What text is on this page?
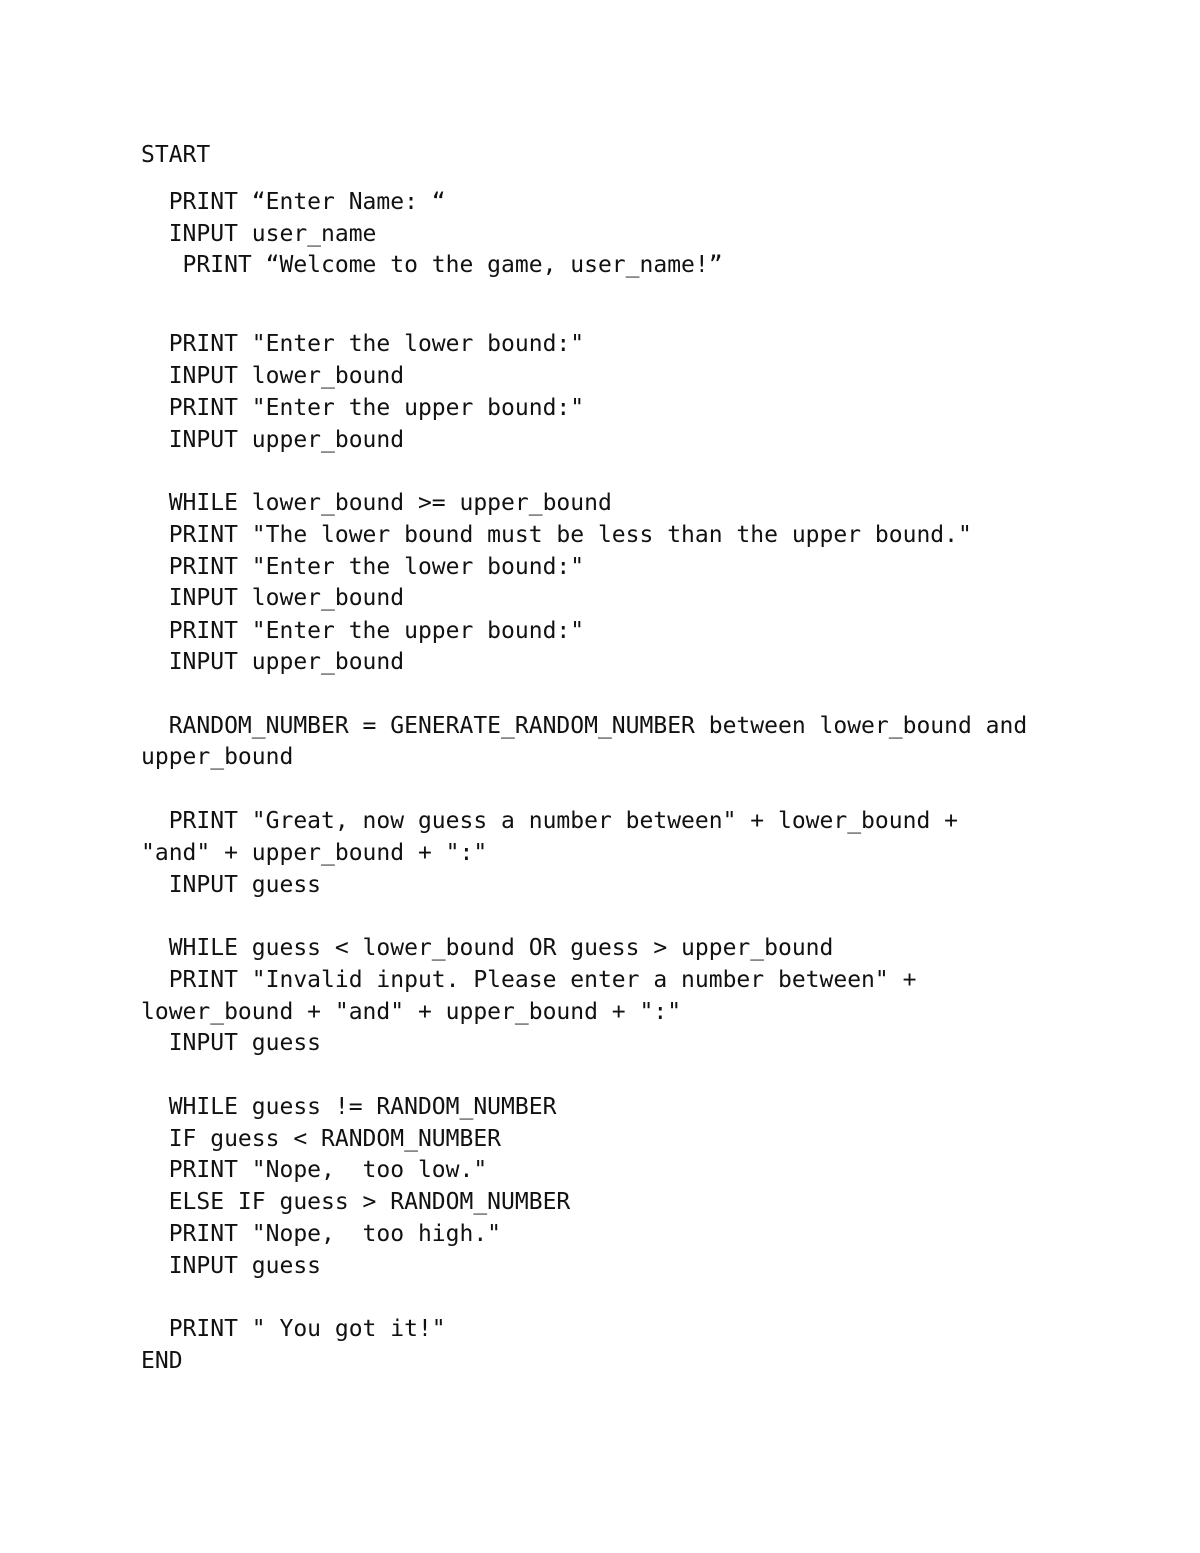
START
PRINT “Enter Name: “
INPUT user_name
PRINT “Welcome to the game, user_name!”
PRINT "Enter the lower bound:"
INPUT lower_bound
PRINT "Enter the upper bound:"
INPUT upper_bound
WHILE lower_bound >= upper_bound
PRINT "The lower bound must be less than the upper bound."
PRINT "Enter the lower bound:"
INPUT lower_bound
PRINT "Enter the upper bound:"
INPUT upper_bound
RANDOM_NUMBER = GENERATE_RANDOM_NUMBER between lower_bound and
upper_bound
PRINT "Great, now guess a number between" + lower_bound +
"and" + upper_bound + ":"
INPUT guess
WHILE guess < lower_bound OR guess > upper_bound
PRINT "Invalid input. Please enter a number between" +
lower_bound + "and" + upper_bound + ":"
INPUT guess
WHILE guess != RANDOM_NUMBER
IF guess < RANDOM_NUMBER
PRINT "Nope,  too low."
ELSE IF guess > RANDOM_NUMBER
PRINT "Nope,  too high."
INPUT guess
PRINT " You got it!"
END
